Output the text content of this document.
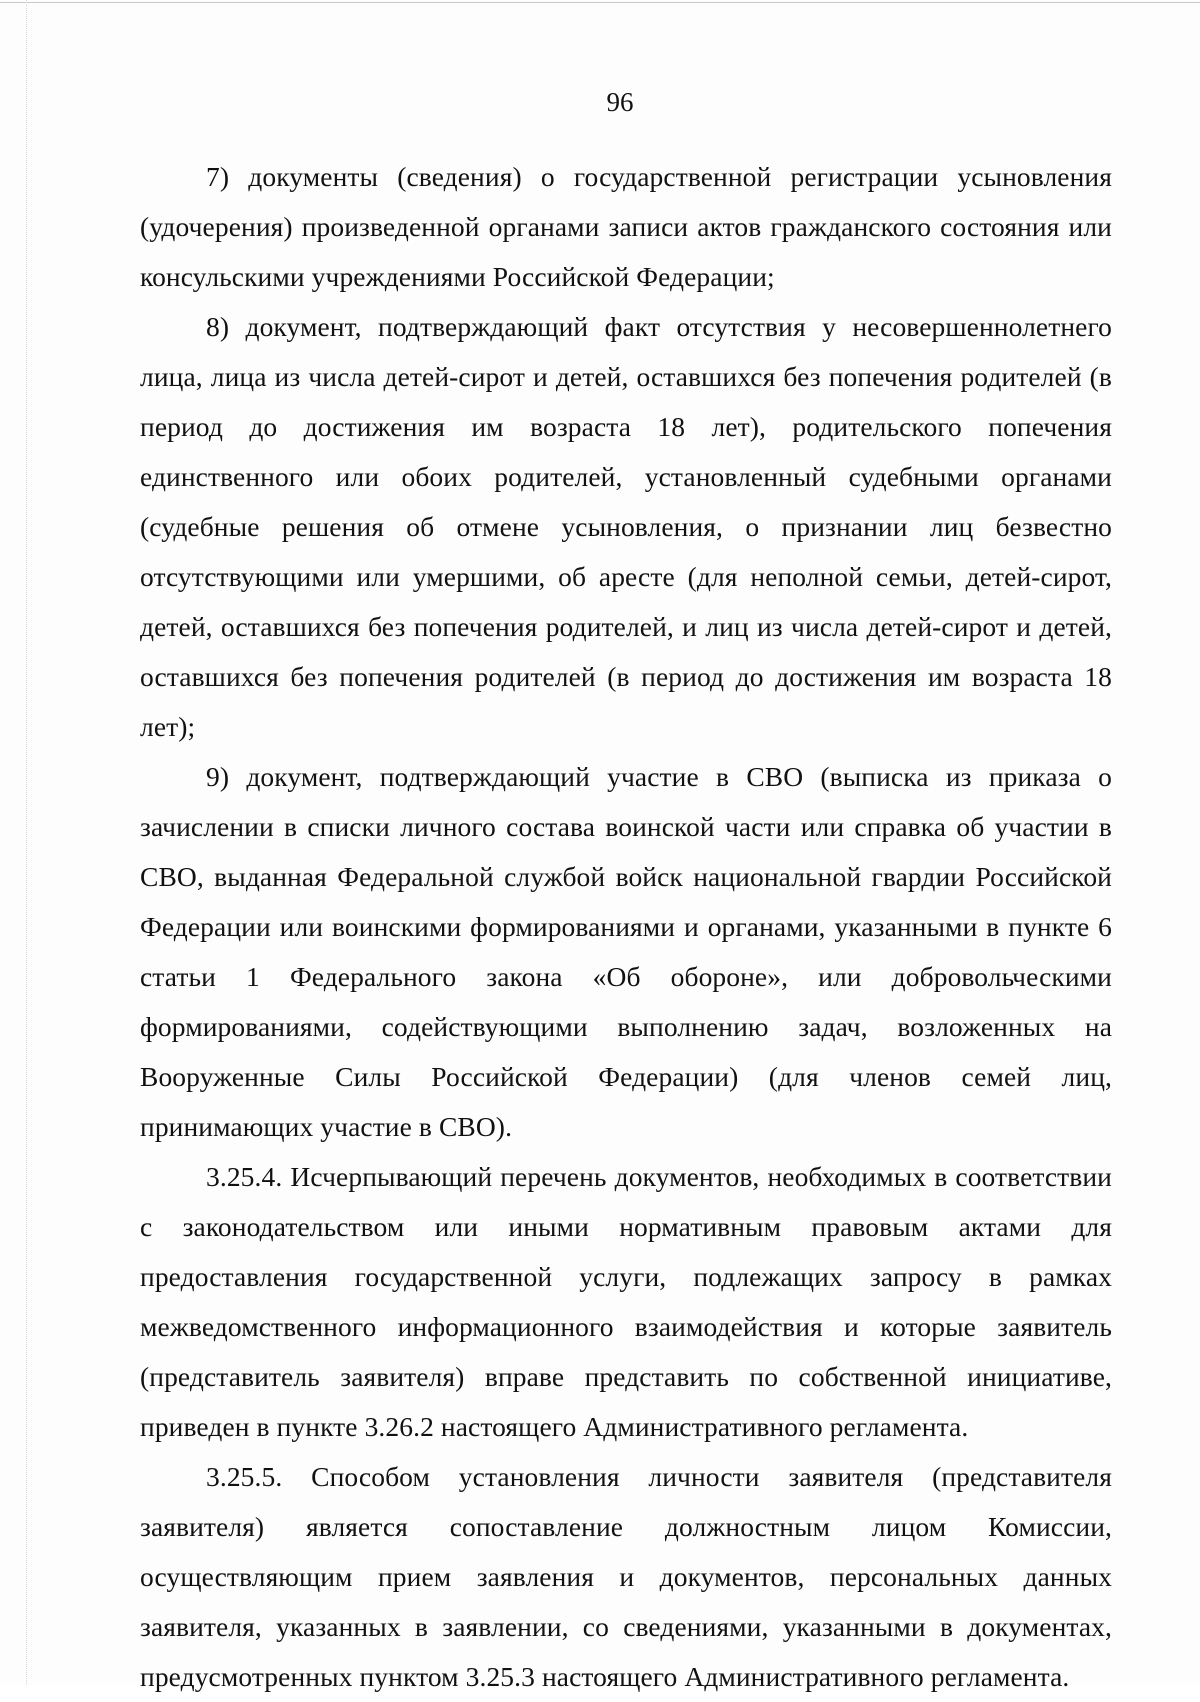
96

7) документы (сведения) о государственной регистрации усыновления (удочерения) произведенной органами записи актов гражданского состояния или консульскими учреждениями Российской Федерации;

8) документ, подтверждающий факт отсутствия у несовершеннолетнего лица, лица из числа детей-сирот и детей, оставшихся без попечения родителей (в период до достижения им возраста 18 лет), родительского попечения единственного или обоих родителей, установленный судебными органами (судебные решения об отмене усыновления, о признании лиц безвестно отсутствующими или умершими, об аресте (для неполной семьи, детей-сирот, детей, оставшихся без попечения родителей, и лиц из числа детей-сирот и детей, оставшихся без попечения родителей (в период до достижения им возраста 18 лет);

9) документ, подтверждающий участие в СВО (выписка из приказа о зачислении в списки личного состава воинской части или справка об участии в СВО, выданная Федеральной службой войск национальной гвардии Российской Федерации или воинскими формированиями и органами, указанными в пункте 6 статьи 1 Федерального закона «Об обороне», или добровольческими формированиями, содействующими выполнению задач, возложенных на Вооруженные Силы Российской Федерации) (для членов семей лиц, принимающих участие в СВО).

3.25.4. Исчерпывающий перечень документов, необходимых в соответствии с законодательством или иными нормативным правовым актами для предоставления государственной услуги, подлежащих запросу в рамках межведомственного информационного взаимодействия и которые заявитель (представитель заявителя) вправе представить по собственной инициативе, приведен в пункте 3.26.2 настоящего Административного регламента.

3.25.5. Способом установления личности заявителя (представителя заявителя) является сопоставление должностным лицом Комиссии, осуществляющим прием заявления и документов, персональных данных заявителя, указанных в заявлении, со сведениями, указанными в документах, предусмотренных пунктом 3.25.3 настоящего Административного регламента.
